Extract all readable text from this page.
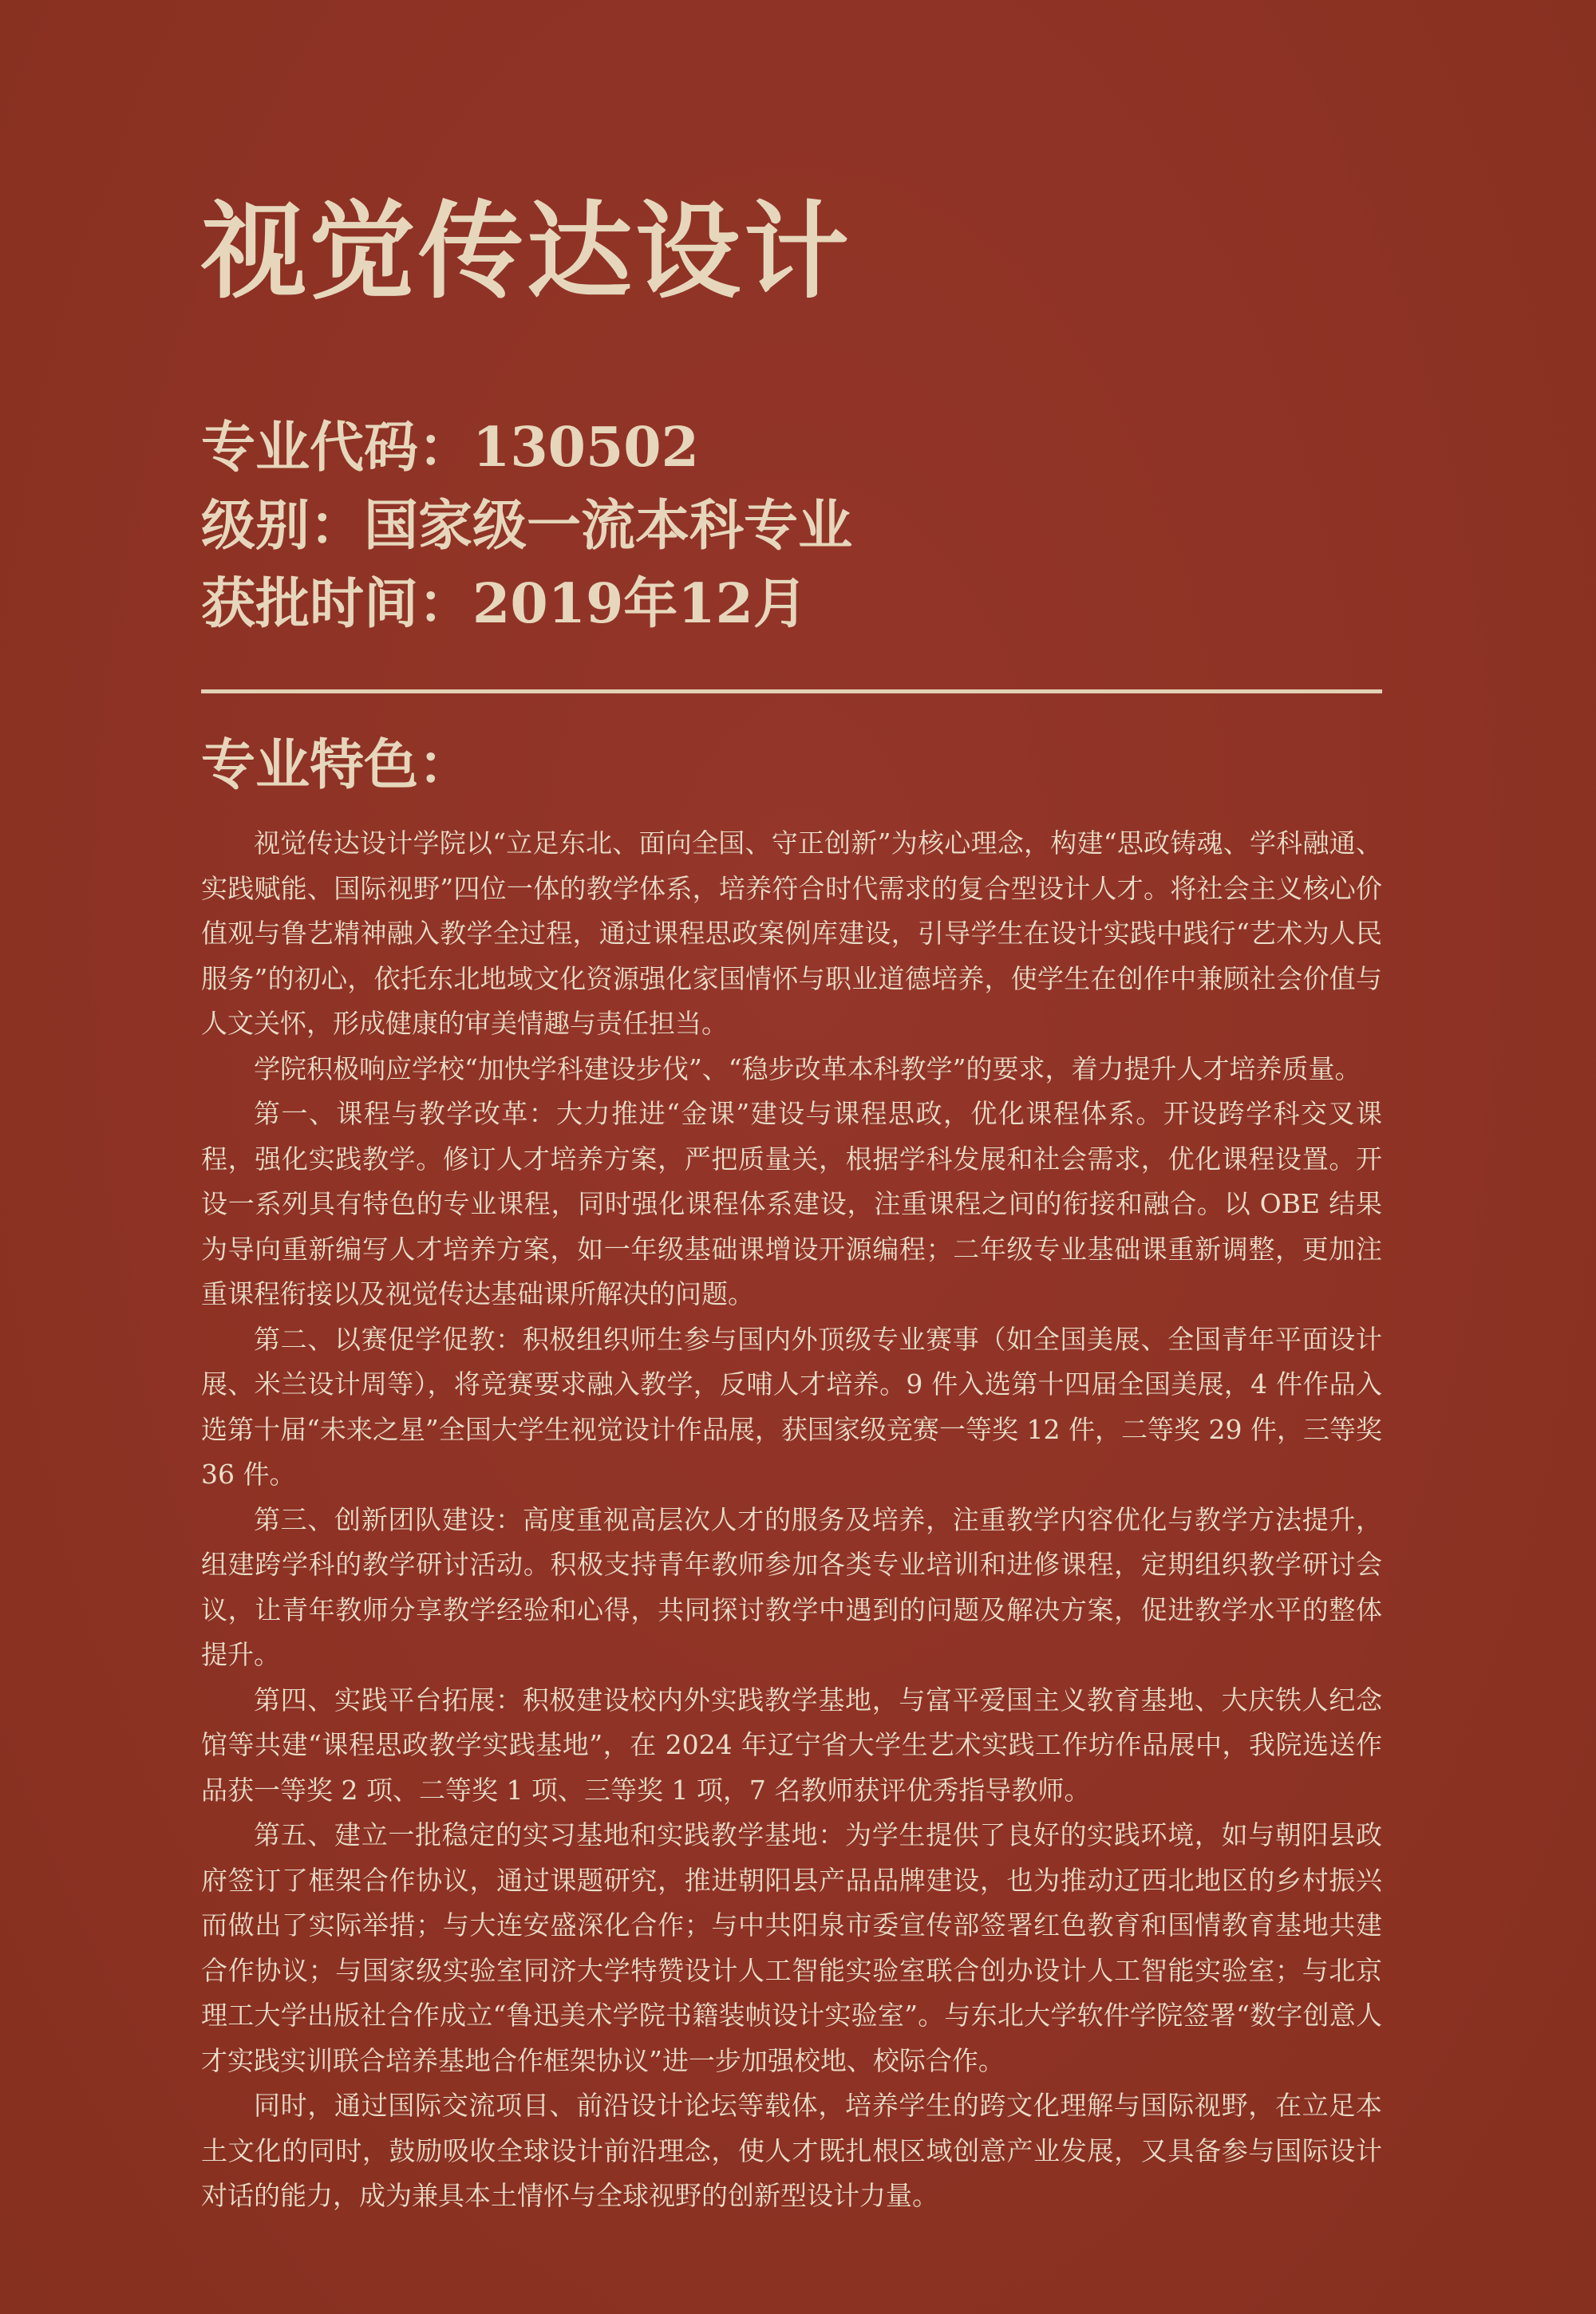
视觉传达设计
专业代码：130502
级别：国家级一流本科专业
获批时间：2019年12月
专业特色：

视觉传达设计学院以“立足东北、面向全国、守正创新”为核心理念，构建“思政铸魂、学科融通、实践赋能、国际视野”四位一体的教学体系，培养符合时代需求的复合型设计人才。将社会主义核心价值观与鲁艺精神融入教学全过程，通过课程思政案例库建设，引导学生在设计实践中践行“艺术为人民服务”的初心，依托东北地域文化资源强化家国情怀与职业道德培养，使学生在创作中兼顾社会价值与人文关怀，形成健康的审美情趣与责任担当。

学院积极响应学校“加快学科建设步伐”、“稳步改革本科教学”的要求，着力提升人才培养质量。

第一、课程与教学改革：大力推进“金课”建设与课程思政，优化课程体系。开设跨学科交叉课程，强化实践教学。修订人才培养方案，严把质量关，根据学科发展和社会需求，优化课程设置。开设一系列具有特色的专业课程，同时强化课程体系建设，注重课程之间的衔接和融合。以 OBE 结果为导向重新编写人才培养方案，如一年级基础课增设开源编程；二年级专业基础课重新调整，更加注重课程衔接以及视觉传达基础课所解决的问题。

第二、以赛促学促教：积极组织师生参与国内外顶级专业赛事（如全国美展、全国青年平面设计展、米兰设计周等），将竞赛要求融入教学，反哺人才培养。9 件入选第十四届全国美展，4 件作品入选第十届“未来之星”全国大学生视觉设计作品展，获国家级竞赛一等奖 12 件，二等奖 29 件，三等奖 36 件。

第三、创新团队建设：高度重视高层次人才的服务及培养，注重教学内容优化与教学方法提升，组建跨学科的教学研讨活动。积极支持青年教师参加各类专业培训和进修课程，定期组织教学研讨会议，让青年教师分享教学经验和心得，共同探讨教学中遇到的问题及解决方案，促进教学水平的整体提升。

第四、实践平台拓展：积极建设校内外实践教学基地，与富平爱国主义教育基地、大庆铁人纪念馆等共建“课程思政教学实践基地”，在 2024 年辽宁省大学生艺术实践工作坊作品展中，我院选送作品获一等奖 2 项、二等奖 1 项、三等奖 1 项，7 名教师获评优秀指导教师。

第五、建立一批稳定的实习基地和实践教学基地：为学生提供了良好的实践环境，如与朝阳县政府签订了框架合作协议，通过课题研究，推进朝阳县产品品牌建设，也为推动辽西北地区的乡村振兴而做出了实际举措；与大连安盛深化合作；与中共阳泉市委宣传部签署红色教育和国情教育基地共建合作协议；与国家级实验室同济大学特赞设计人工智能实验室联合创办设计人工智能实验室；与北京理工大学出版社合作成立“鲁迅美术学院书籍装帧设计实验室”。与东北大学软件学院签署“数字创意人才实践实训联合培养基地合作框架协议”进一步加强校地、校际合作。

同时，通过国际交流项目、前沿设计论坛等载体，培养学生的跨文化理解与国际视野，在立足本土文化的同时，鼓励吸收全球设计前沿理念，使人才既扎根区域创意产业发展，又具备参与国际设计对话的能力，成为兼具本土情怀与全球视野的创新型设计力量。
